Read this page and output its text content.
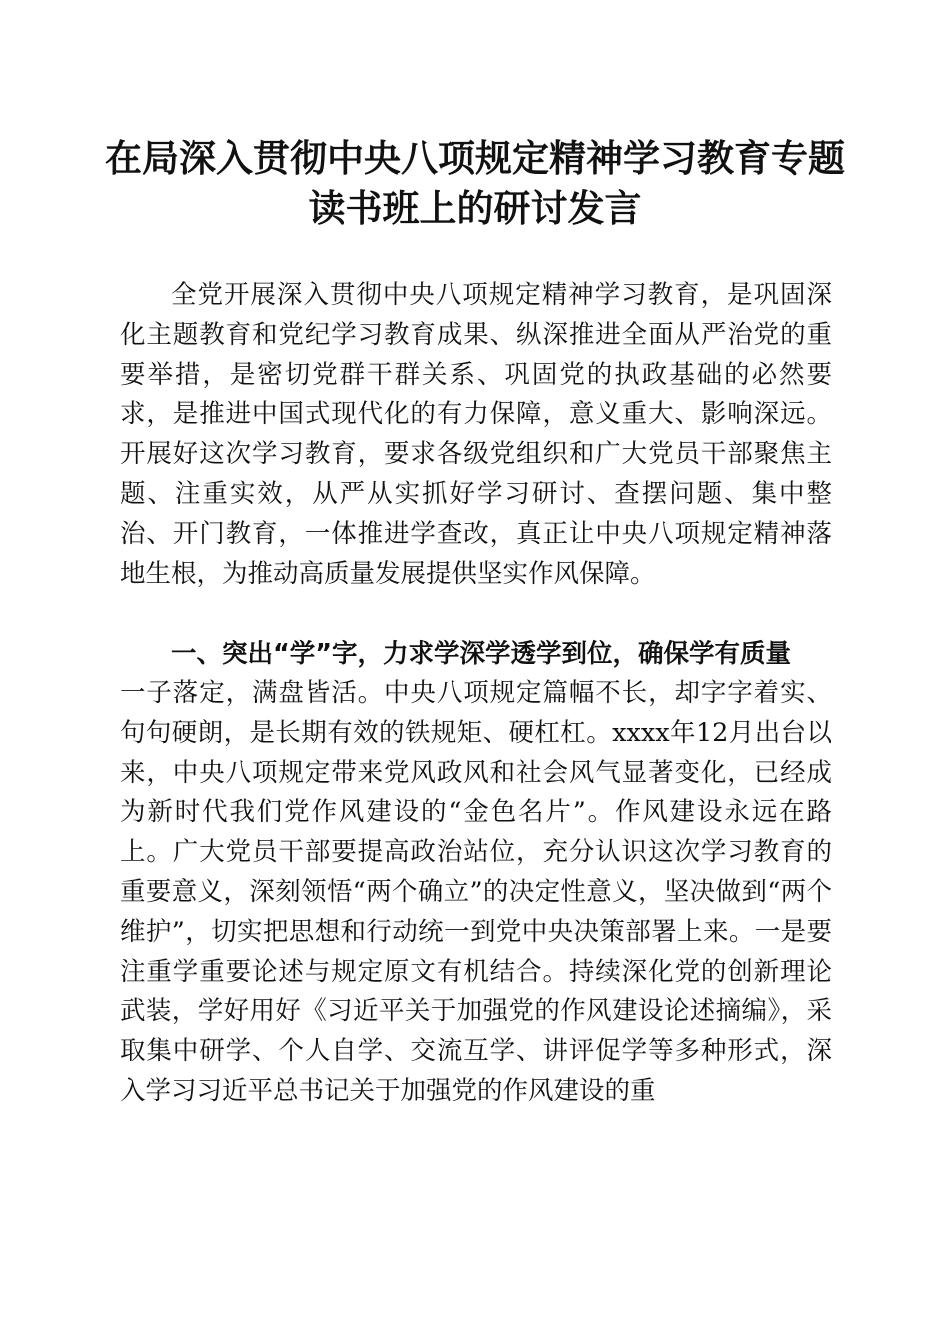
在局深入贯彻中央八项规定精神学习教育专题
读书班上的研讨发言
全党开展深入贯彻中央八项规定精神学习教育，是巩固深化主题教育和党纪学习教育成果、纵深推进全面从严治党的重要举措，是密切党群干群关系、巩固党的执政基础的必然要求，是推进中国式现代化的有力保障，意义重大、影响深远。开展好这次学习教育，要求各级党组织和广大党员干部聚焦主题、注重实效，从严从实抓好学习研讨、查摆问题、集中整治、开门教育，一体推进学查改，真正让中央八项规定精神落地生根，为推动高质量发展提供坚实作风保障。
一、突出“学”字，力求学深学透学到位，确保学有质量
一子落定，满盘皆活。中央八项规定篇幅不长，却字字着实、句句硬朗，是长期有效的铁规矩、硬杠杠。xxxx年12月出台以来，中央八项规定带来党风政风和社会风气显著变化，已经成为新时代我们党作风建设的“金色名片”。作风建设永远在路上。广大党员干部要提高政治站位，充分认识这次学习教育的重要意义，深刻领悟“两个确立”的决定性意义，坚决做到“两个维护”，切实把思想和行动统一到党中央决策部署上来。一是要注重学重要论述与规定原文有机结合。持续深化党的创新理论武装，学好用好《习近平关于加强党的作风建设论述摘编》，采取集中研学、个人自学、交流互学、讲评促学等多种形式，深入学习习近平总书记关于加强党的作风建设的重
